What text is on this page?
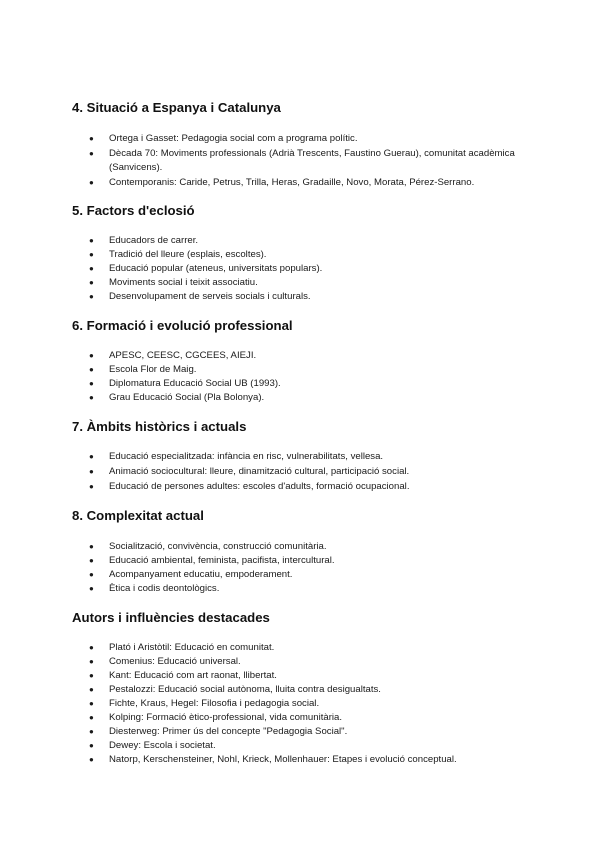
4. Situació a Espanya i Catalunya
● Ortega i Gasset: Pedagogia social com a programa polític.
● Dècada 70: Moviments professionals (Adrià Trescents, Faustino Guerau), comunitat acadèmica (Sanvicens).
● Contemporanis: Caride, Petrus, Trilla, Heras, Gradaille, Novo, Morata, Pérez-Serrano.
5. Factors d'eclosió
● Educadors de carrer.
● Tradició del lleure (esplais, escoltes).
● Educació popular (ateneus, universitats populars).
● Moviments social i teixit associatiu.
● Desenvolupament de serveis socials i culturals.
6. Formació i evolució professional
● APESC, CEESC, CGCEES, AIEJI.
● Escola Flor de Maig.
● Diplomatura Educació Social UB (1993).
● Grau Educació Social (Pla Bolonya).
7. Àmbits històrics i actuals
● Educació especialitzada: infància en risc, vulnerabilitats, vellesa.
● Animació sociocultural: lleure, dinamització cultural, participació social.
● Educació de persones adultes: escoles d'adults, formació ocupacional.
8. Complexitat actual
● Socialització, convivència, construcció comunitària.
● Educació ambiental, feminista, pacifista, intercultural.
● Acompanyament educatiu, empoderament.
● Ètica i codis deontològics.
Autors i influències destacades
● Plató i Aristòtil: Educació en comunitat.
● Comenius: Educació universal.
● Kant: Educació com art raonat, llibertat.
● Pestalozzi: Educació social autònoma, lluita contra desigualtats.
● Fichte, Kraus, Hegel: Filosofia i pedagogia social.
● Kolping: Formació ètico-professional, vida comunitària.
● Diesterweg: Primer ús del concepte "Pedagogia Social".
● Dewey: Escola i societat.
● Natorp, Kerschensteiner, Nohl, Krieck, Mollenhauer: Etapes i evolució conceptual.
